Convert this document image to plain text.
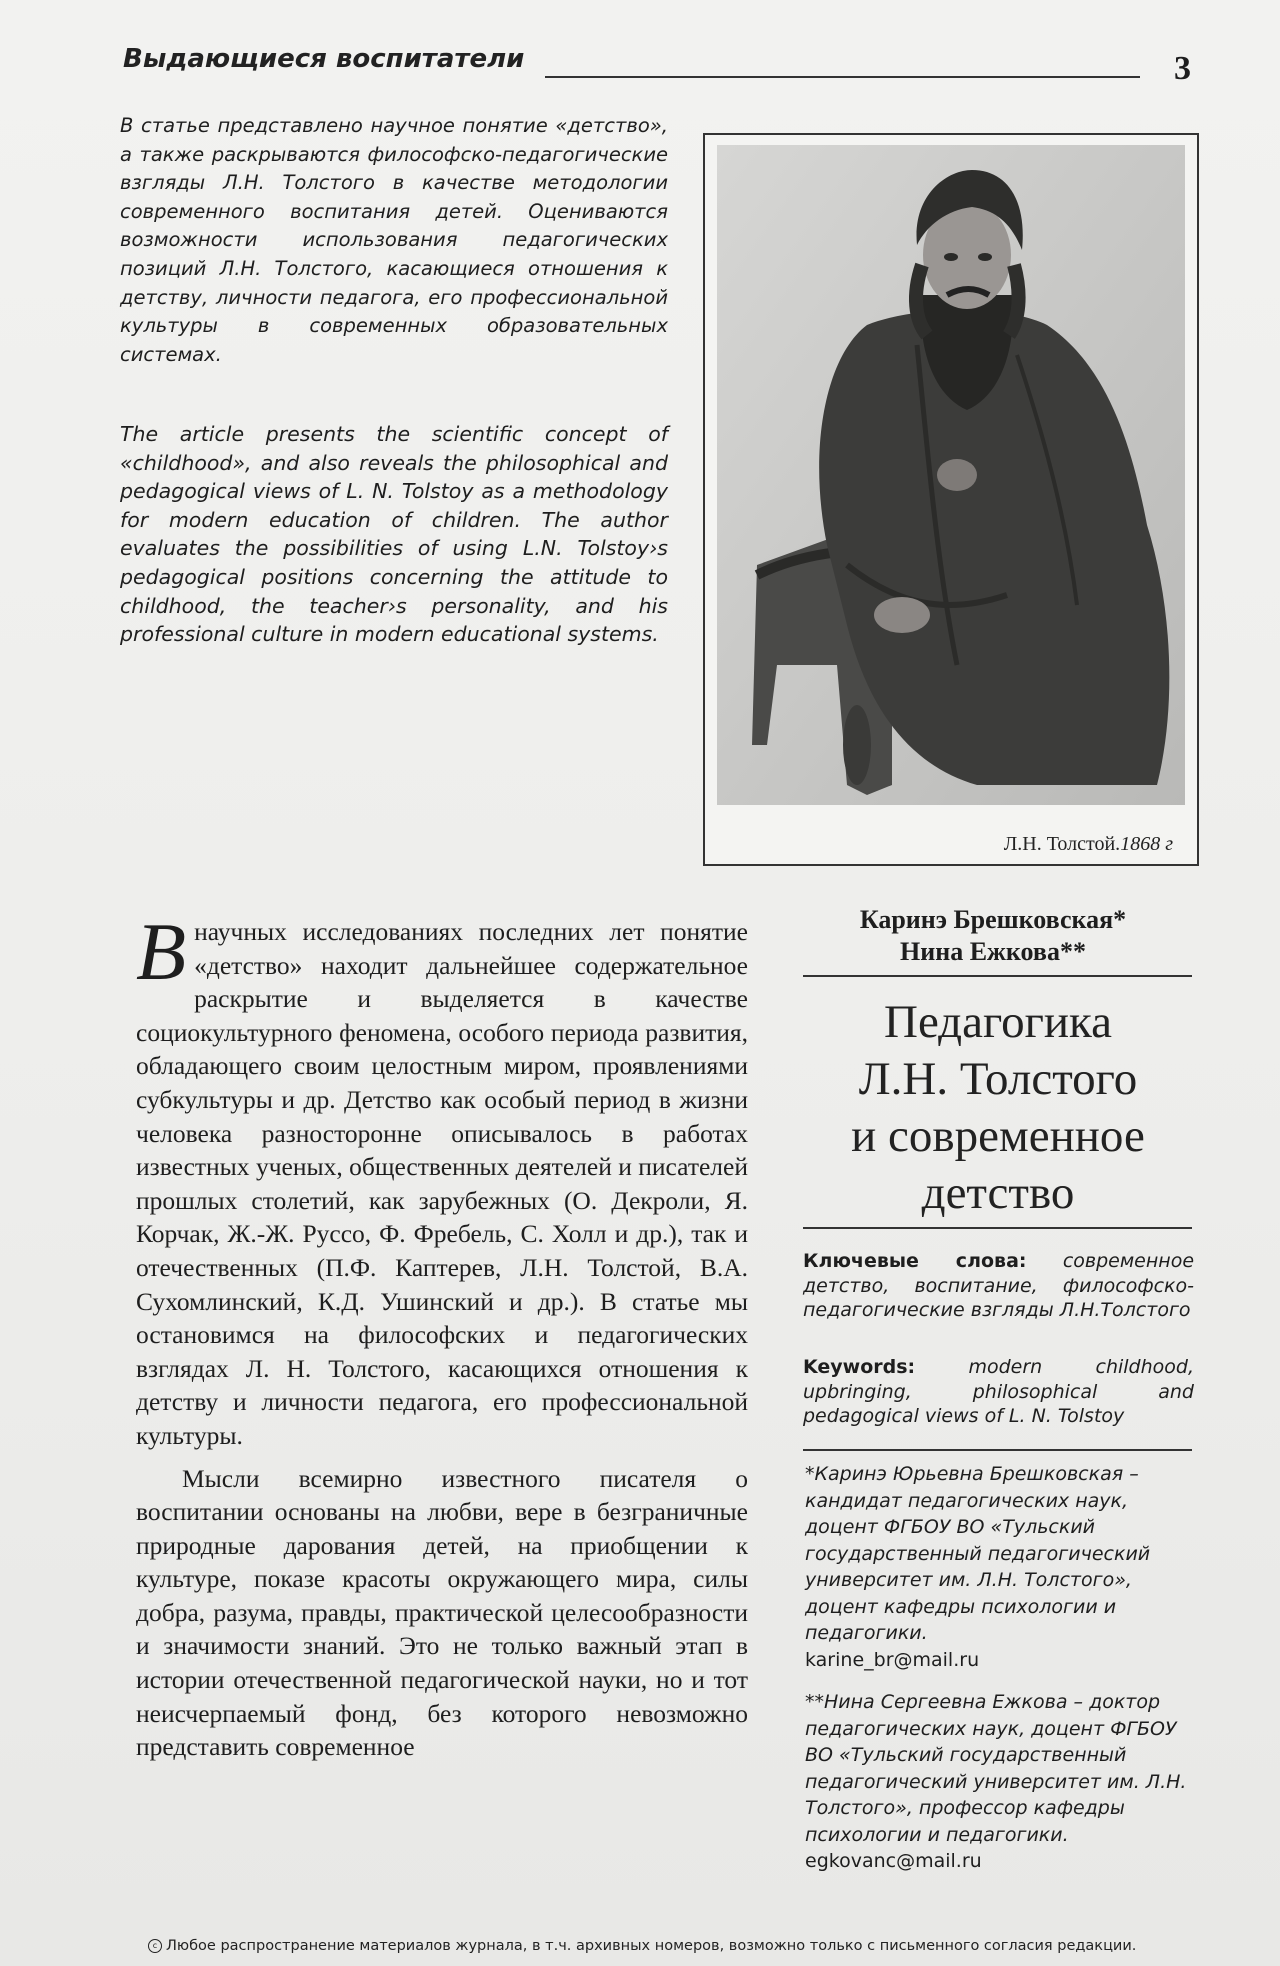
Выдающиеся воспитатели	3

В статье представлено научное понятие «детство», а также раскрываются философско-педагогические взгляды Л.Н. Толстого в качестве методологии современного воспитания детей. Оцениваются возможности использования педагогических позиций Л.Н. Толстого, касающиеся отношения к детству, личности педагога, его профессиональной культуры в современных образовательных системах.

The article presents the scientific concept of «childhood», and also reveals the philosophical and pedagogical views of L. N. Tolstoy as a methodology for modern education of children. The author evaluates the possibilities of using L.N. Tolstoy›s pedagogical positions concerning the attitude to childhood, the teacher›s personality, and his professional culture in modern educational systems.

Л.Н. Толстой.1868 г
Каринэ Брешковская*
Нина Ежкова**
Педагогика
Л.Н. Толстого
и современное
детство

Ключевые слова: современное детство, воспитание, философско-педагогические взгляды Л.Н.Толстого

Keywords:	modern childhood, upbringing, philosophical and pedagogical views of L. N. Tolstoy

*Каринэ Юрьевна Брешковская – кандидат педагогических наук, доцент ФГБОУ ВО «Тульский государственный педагогический университет им. Л.Н. Толстого», доцент кафедры психологии и педагогики.
karine_br@mail.ru

**Нина Сергеевна Ежкова – доктор педагогических наук, доцент ФГБОУ ВО «Тульский государственный педагогический университет им. Л.Н. Толстого», профессор кафедры психологии и педагогики.
egkovanc@mail.ru

Внаучных исследованиях последних лет понятие «детство» находит дальнейшее содержательное раскрытие и выделяется в качестве социокультурного феномена, особого периода развития, обладающего своим целостным миром, проявлениями субкультуры и др. Детство как особый период в жизни человека разносторонне описывалось в работах известных ученых, общественных деятелей и писателей прошлых столетий, как зарубежных (О. Декроли, Я. Корчак, Ж.-Ж. Руссо, Ф. Фребель, С. Холл и др.), так и отечественных (П.Ф. Каптерев, Л.Н. Толстой, В.А. Сухомлинский, К.Д. Ушинский и др.). В статье мы остановимся на философских и педагогических взглядах Л. Н. Толстого, касающихся отношения к детству и личности педагога, его профессиональной культуры.

Мысли всемирно известного писателя о воспитании основаны на любви, вере в безграничные природные дарования детей, на приобщении к культуре, показе красоты окружающего мира, силы добра, разума, правды, практической целесообразности и значимости знаний. Это не только важный этап в истории отечественной педагогической науки, но и тот неисчерпаемый фонд, без которого невозможно представить современное

c Любое распространение материалов журнала, в т.ч. архивных номеров, возможно только с письменного согласия редакции.
